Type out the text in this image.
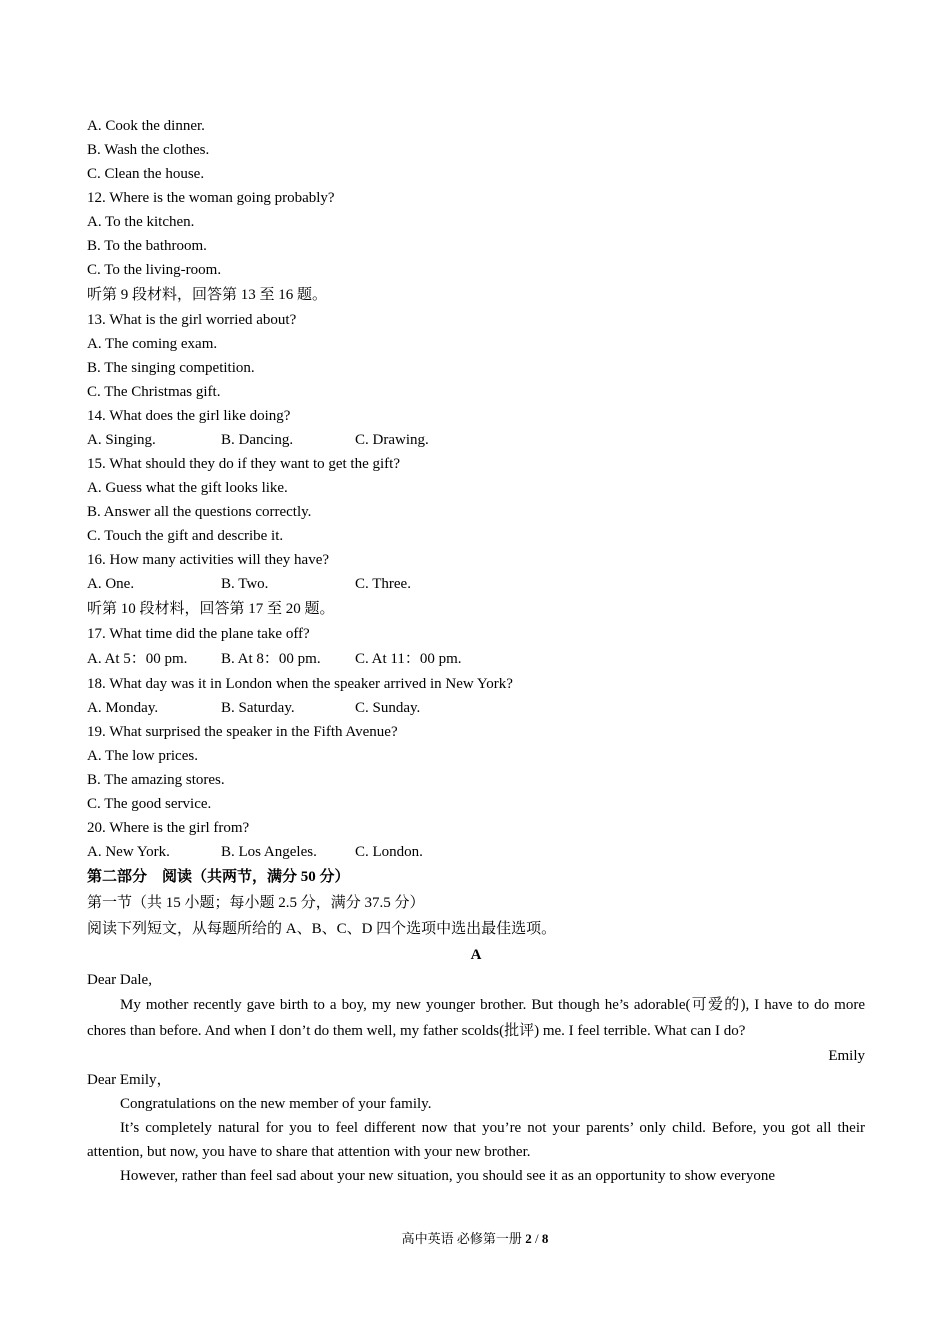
A. Cook the dinner.
B. Wash the clothes.
C. Clean the house.
12. Where is the woman going probably?
A. To the kitchen.
B. To the bathroom.
C. To the living-room.
听第 9 段材料，回答第 13 至 16 题。
13. What is the girl worried about?
A. The coming exam.
B. The singing competition.
C. The Christmas gift.
14. What does the girl like doing?
A. Singing.	B. Dancing.	C. Drawing.
15. What should they do if they want to get the gift?
A. Guess what the gift looks like.
B. Answer all the questions correctly.
C. Touch the gift and describe it.
16. How many activities will they have?
A. One.	B. Two.	C. Three.
听第 10 段材料，回答第 17 至 20 题。
17. What time did the plane take off?
A. At 5：00 pm. B. At 8：00 pm. C. At 11：00 pm.
18. What day was it in London when the speaker arrived in New York?
A. Monday.	B. Saturday.	C. Sunday.
19. What surprised the speaker in the Fifth Avenue?
A. The low prices.
B. The amazing stores.
C. The good service.
20. Where is the girl from?
A. New York.	B. Los Angeles.	C. London.
第二部分　阅读（共两节，满分 50 分）
第一节（共 15 小题；每小题 2.5 分，满分 37.5 分）
阅读下列短文，从每题所给的 A、B、C、D 四个选项中选出最佳选项。
A
Dear Dale,
My mother recently gave birth to a boy, my new younger brother. But though he’s adorable(可爱的), I have to do more chores than before. And when I don’t do them well, my father scolds(批评) me. I feel terrible. What can I do?
Emily
Dear Emily，
Congratulations on the new member of your family.
It’s completely natural for you to feel different now that you’re not your parents’ only child. Before, you got all their attention, but now, you have to share that attention with your new brother.
However, rather than feel sad about your new situation, you should see it as an opportunity to show everyone
高中英语 必修第一册 2 / 8
